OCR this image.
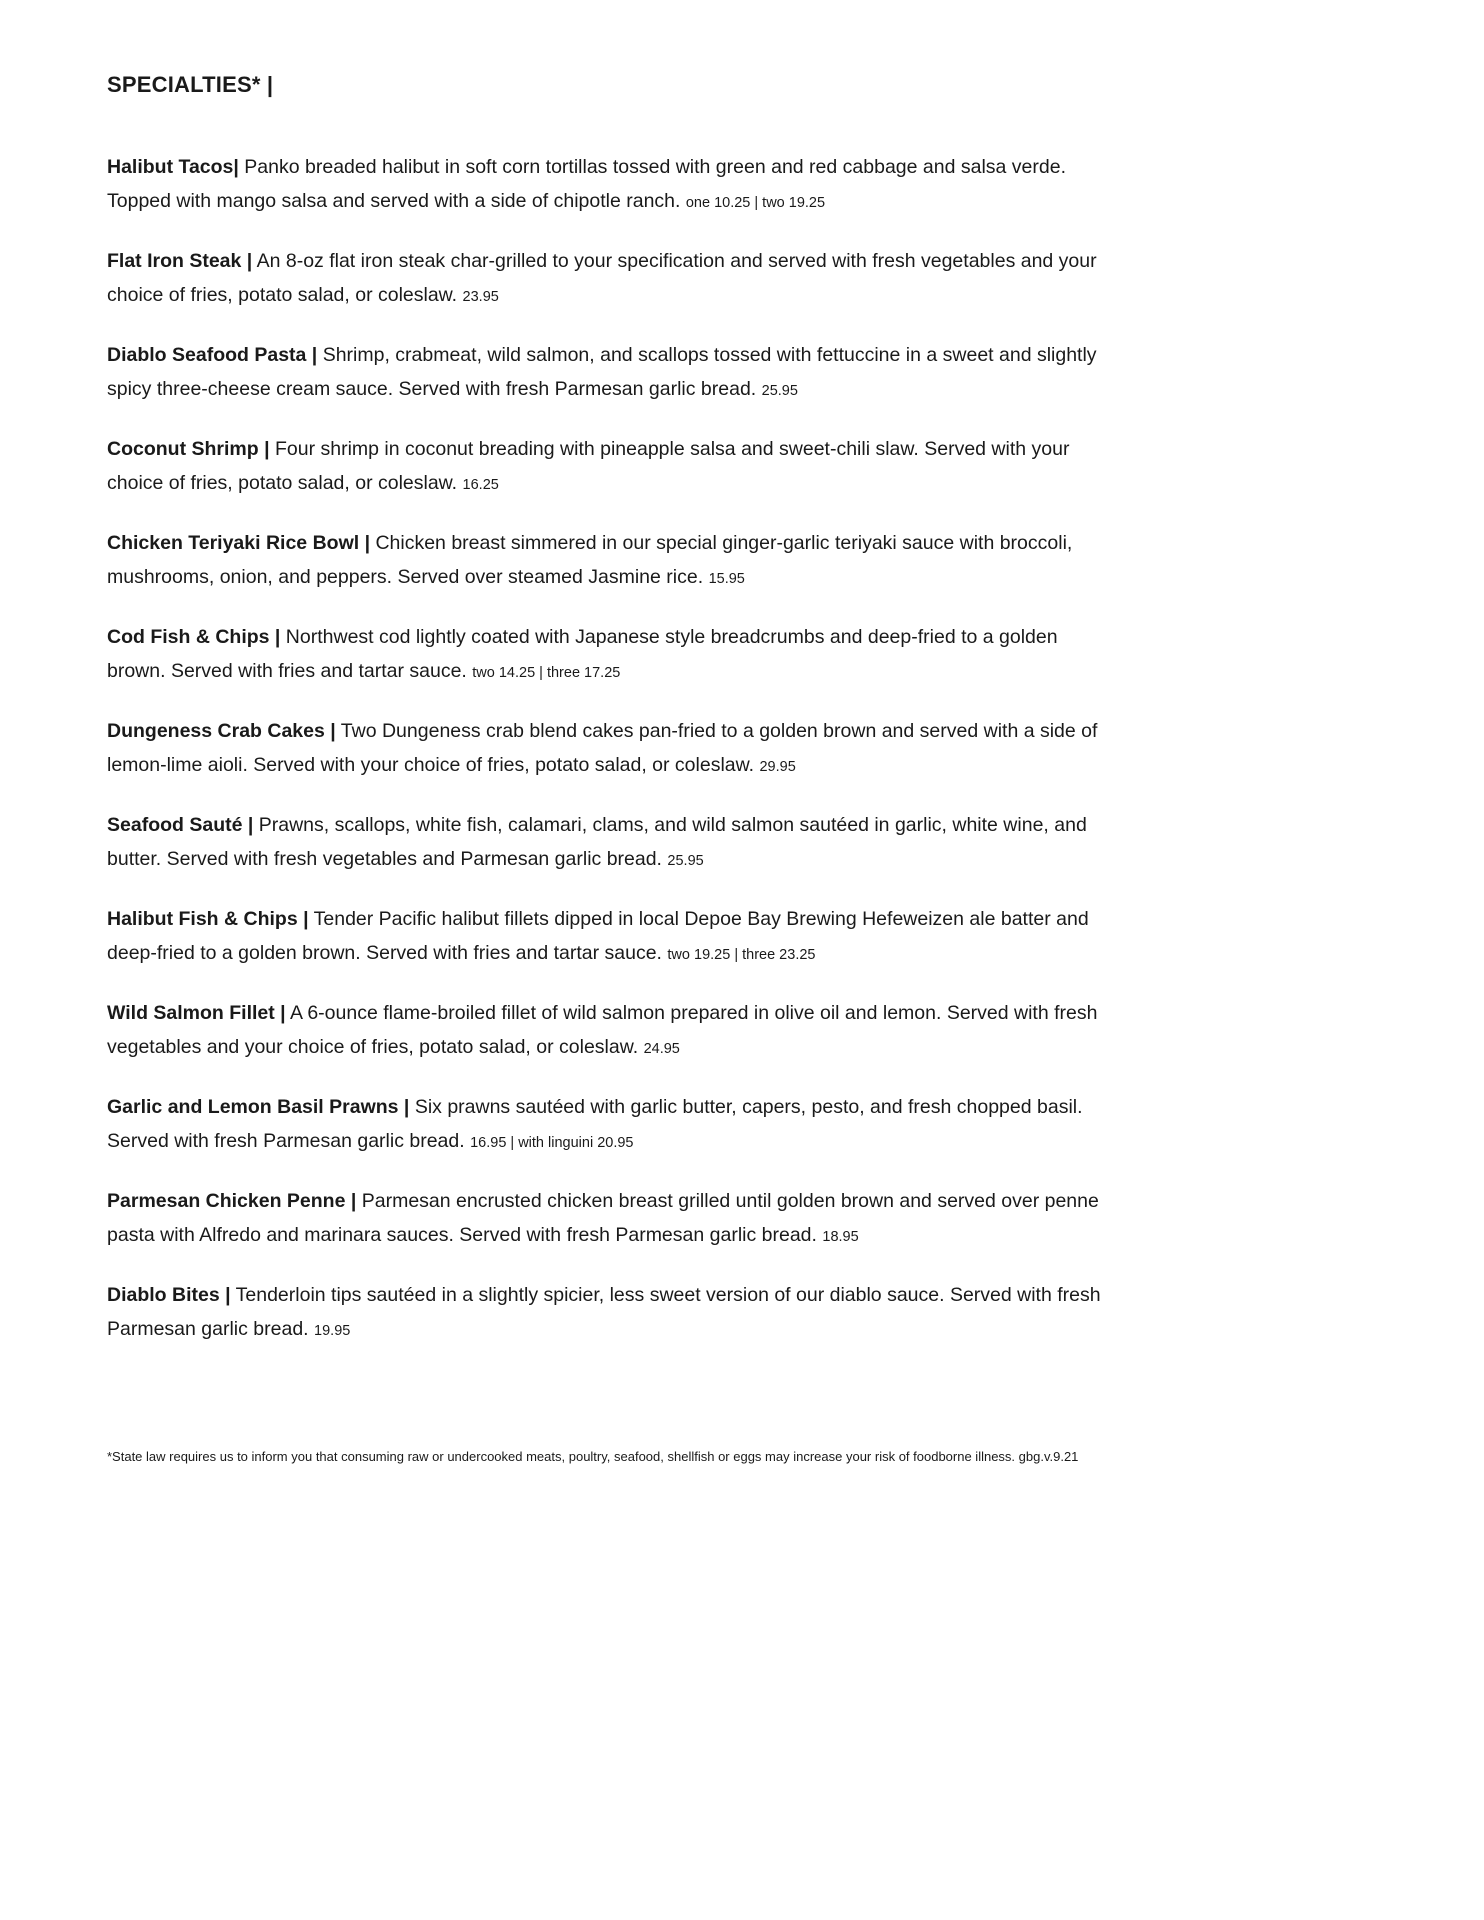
SPECIALTIES* |

Halibut Tacos| Panko breaded halibut in soft corn tortillas tossed with green and red cabbage and salsa verde. Topped with mango salsa and served with a side of chipotle ranch. one 10.25 | two 19.25

Flat Iron Steak | An 8-oz flat iron steak char-grilled to your specification and served with fresh vegetables and your choice of fries, potato salad, or coleslaw. 23.95

Diablo Seafood Pasta | Shrimp, crabmeat, wild salmon, and scallops tossed with fettuccine in a sweet and slightly spicy three-cheese cream sauce. Served with fresh Parmesan garlic bread. 25.95

Coconut Shrimp | Four shrimp in coconut breading with pineapple salsa and sweet-chili slaw. Served with your choice of fries, potato salad, or coleslaw. 16.25

Chicken Teriyaki Rice Bowl | Chicken breast simmered in our special ginger-garlic teriyaki sauce with broccoli, mushrooms, onion, and peppers. Served over steamed Jasmine rice. 15.95

Cod Fish & Chips | Northwest cod lightly coated with Japanese style breadcrumbs and deep-fried to a golden brown. Served with fries and tartar sauce. two 14.25 | three 17.25

Dungeness Crab Cakes | Two Dungeness crab blend cakes pan-fried to a golden brown and served with a side of lemon-lime aioli. Served with your choice of fries, potato salad, or coleslaw. 29.95

Seafood Sauté | Prawns, scallops, white fish, calamari, clams, and wild salmon sautéed in garlic, white wine, and butter. Served with fresh vegetables and Parmesan garlic bread. 25.95

Halibut Fish & Chips | Tender Pacific halibut fillets dipped in local Depoe Bay Brewing Hefeweizen ale batter and deep-fried to a golden brown. Served with fries and tartar sauce. two 19.25 | three 23.25

Wild Salmon Fillet | A 6-ounce flame-broiled fillet of wild salmon prepared in olive oil and lemon. Served with fresh vegetables and your choice of fries, potato salad, or coleslaw. 24.95

Garlic and Lemon Basil Prawns | Six prawns sautéed with garlic butter, capers, pesto, and fresh chopped basil. Served with fresh Parmesan garlic bread. 16.95 | with linguini 20.95

Parmesan Chicken Penne | Parmesan encrusted chicken breast grilled until golden brown and served over penne pasta with Alfredo and marinara sauces. Served with fresh Parmesan garlic bread. 18.95

Diablo Bites | Tenderloin tips sautéed in a slightly spicier, less sweet version of our diablo sauce. Served with fresh Parmesan garlic bread. 19.95

*State law requires us to inform you that consuming raw or undercooked meats, poultry, seafood, shellfish or eggs may increase your risk of foodborne illness. gbg.v.9.21
